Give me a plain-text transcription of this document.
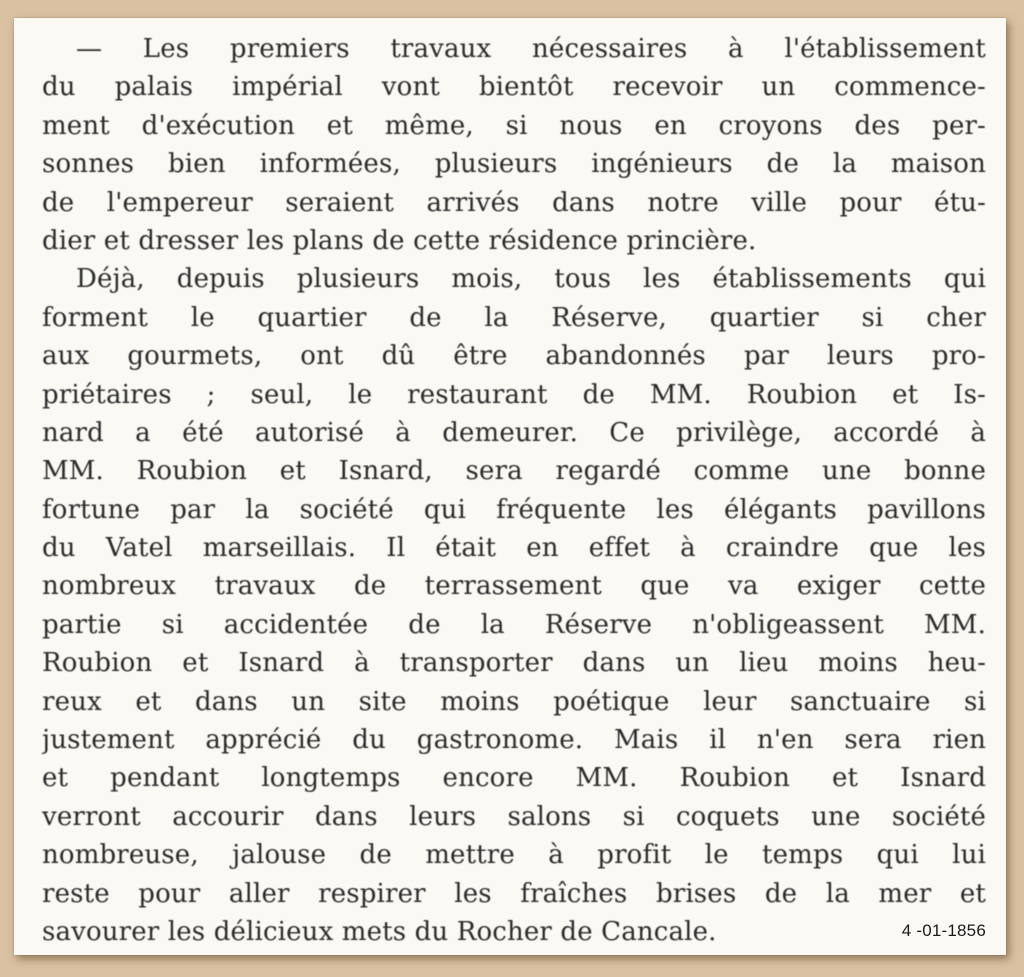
— Les premiers travaux nécessaires à l'établissement
du palais impérial vont bientôt recevoir un commence-
ment d'exécution et même, si nous en croyons des per-
sonnes bien informées, plusieurs ingénieurs de la maison
de l'empereur seraient arrivés dans notre ville pour étu-
dier et dresser les plans de cette résidence princière.
Déjà, depuis plusieurs mois, tous les établissements qui
forment le quartier de la Réserve, quartier si cher
aux gourmets, ont dû être abandonnés par leurs pro-
priétaires ; seul, le restaurant de MM. Roubion et Is-
nard a été autorisé à demeurer. Ce privilège, accordé à
MM. Roubion et Isnard, sera regardé comme une bonne
fortune par la société qui fréquente les élégants pavillons
du Vatel marseillais. Il était en effet à craindre que les
nombreux travaux de terrassement que va exiger cette
partie si accidentée de la Réserve n'obligeassent MM.
Roubion et Isnard à transporter dans un lieu moins heu-
reux et dans un site moins poétique leur sanctuaire si
justement apprécié du gastronome. Mais il n'en sera rien
et pendant longtemps encore MM. Roubion et Isnard
verront accourir dans leurs salons si coquets une société
nombreuse, jalouse de mettre à profit le temps qui lui
reste pour aller respirer les fraîches brises de la mer et
savourer les délicieux mets du Rocher de Cancale.	4 -01-1856
